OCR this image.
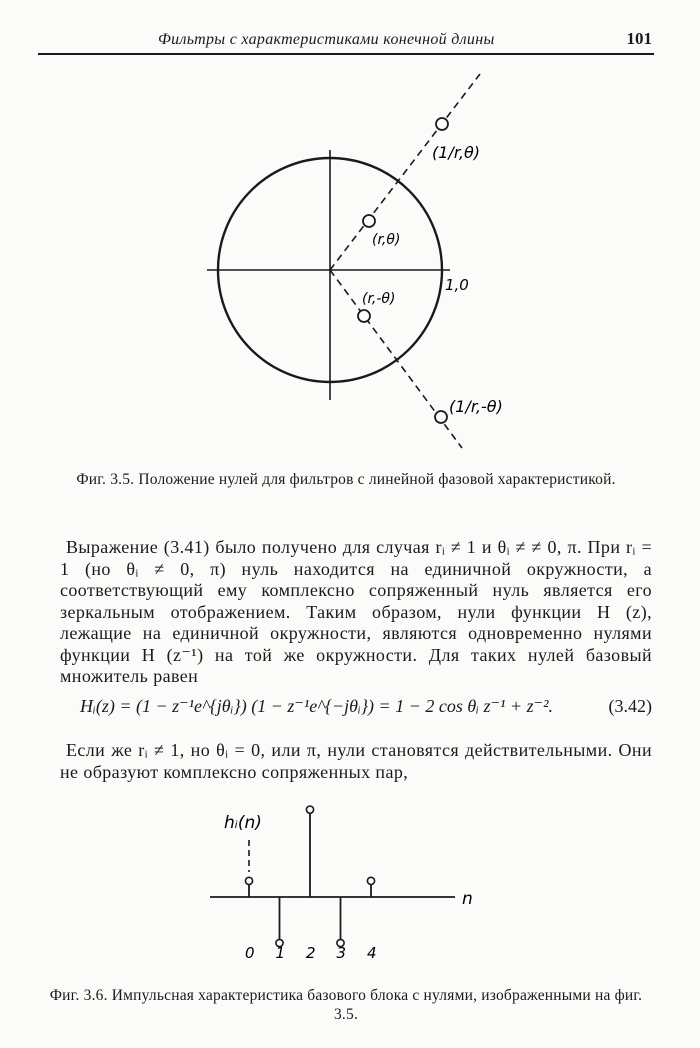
Фильтры с характеристиками конечной длины	101
1,0
(1/r,θ)
(r,θ)
(r,-θ)
(1/r,-θ)
Фиг. 3.5. Положение нулей для фильтров с линейной фазовой характеристикой.

Выражение (3.41) было получено для случая rᵢ ≠ 1 и θᵢ ≠ ≠ 0, π. При rᵢ = 1 (но θᵢ ≠ 0, π) нуль находится на единичной окружности, а соответствующий ему комплексно сопряженный нуль является его зеркальным отображением. Таким образом, нули функции H (z), лежащие на единичной окружности, являются одновременно нулями функции H (z⁻¹) на той же окружности. Для таких нулей базовый множитель равен

Hᵢ(z) = (1 − z⁻¹e^{jθᵢ}) (1 − z⁻¹e^{−jθᵢ}) = 1 − 2 cos θᵢ z⁻¹ + z⁻².	(3.42)

Если же rᵢ ≠ 1, но θᵢ = 0, или π, нули становятся действительными. Они не образуют комплексно сопряженных пар,

hᵢ(n)
n
0 1 2 3 4
Фиг. 3.6. Импульсная характеристика базового блока с нулями, изображенными на фиг. 3.5.
